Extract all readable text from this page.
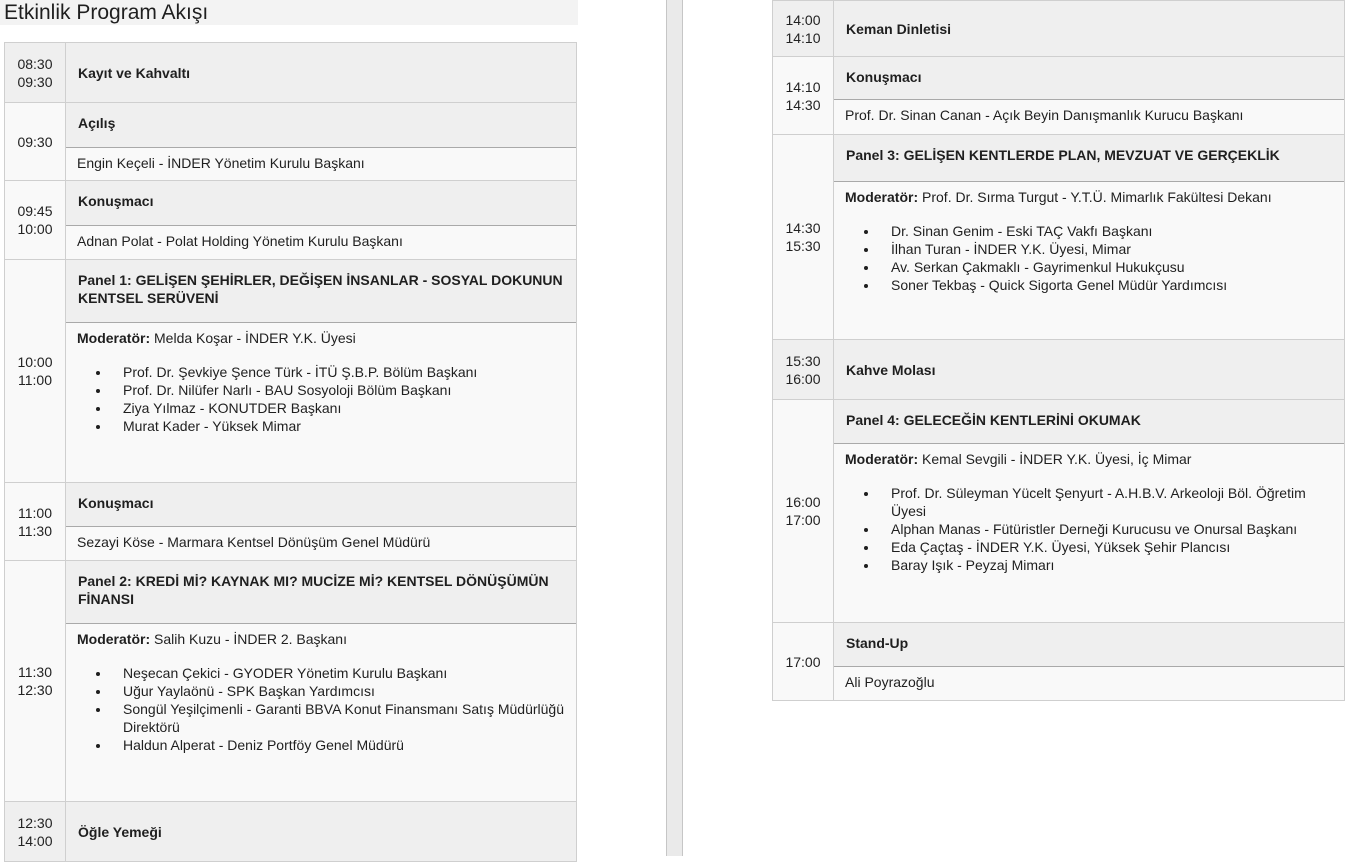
Etkinlik Program Akışı
08:30
09:30
Kayıt ve Kahvaltı
09:30
Açılış
Engin Keçeli - İNDER Yönetim Kurulu Başkanı
09:45
10:00
Konuşmacı
Adnan Polat - Polat Holding Yönetim Kurulu Başkanı
10:00
11:00
Panel 1: GELİŞEN ŞEHİRLER, DEĞİŞEN İNSANLAR - SOSYAL DOKUNUN KENTSEL SERÜVENİ
Moderatör: Melda Koşar - İNDER Y.K. Üyesi
• Prof. Dr. Şevkiye Şence Türk - İTÜ Ş.B.P. Bölüm Başkanı
• Prof. Dr. Nilüfer Narlı - BAU Sosyoloji Bölüm Başkanı
• Ziya Yılmaz - KONUTDER Başkanı
• Murat Kader - Yüksek Mimar
11:00
11:30
Konuşmacı
Sezayi Köse - Marmara Kentsel Dönüşüm Genel Müdürü
11:30
12:30
Panel 2: KREDİ Mİ? KAYNAK MI? MUCİZE Mİ? KENTSEL DÖNÜŞÜMÜN FİNANSI
Moderatör: Salih Kuzu - İNDER 2. Başkanı
• Neşecan Çekici - GYODER Yönetim Kurulu Başkanı
• Uğur Yaylaönü - SPK Başkan Yardımcısı
• Songül Yeşilçimenli - Garanti BBVA Konut Finansmanı Satış Müdürlüğü Direktörü
• Haldun Alperat - Deniz Portföy Genel Müdürü
12:30
14:00
Öğle Yemeği
14:00
14:10
Keman Dinletisi
14:10
14:30
Konuşmacı
Prof. Dr. Sinan Canan - Açık Beyin Danışmanlık Kurucu Başkanı
14:30
15:30
Panel 3: GELİŞEN KENTLERDE PLAN, MEVZUAT VE GERÇEKLİK
Moderatör: Prof. Dr. Sırma Turgut - Y.T.Ü. Mimarlık Fakültesi Dekanı
• Dr. Sinan Genim - Eski TAÇ Vakfı Başkanı
• İlhan Turan - İNDER Y.K. Üyesi, Mimar
• Av. Serkan Çakmaklı - Gayrimenkul Hukukçusu
• Soner Tekbaş - Quick Sigorta Genel Müdür Yardımcısı
15:30
16:00
Kahve Molası
16:00
17:00
Panel 4: GELECEĞİN KENTLERİNİ OKUMAK
Moderatör: Kemal Sevgili - İNDER Y.K. Üyesi, İç Mimar
• Prof. Dr. Süleyman Yücelt Şenyurt - A.H.B.V. Arkeoloji Böl. Öğretim Üyesi
• Alphan Manas - Fütüristler Derneği Kurucusu ve Onursal Başkanı
• Eda Çaçtaş - İNDER Y.K. Üyesi, Yüksek Şehir Plancısı
• Baray Işık - Peyzaj Mimarı
17:00
Stand-Up
Ali Poyrazoğlu
